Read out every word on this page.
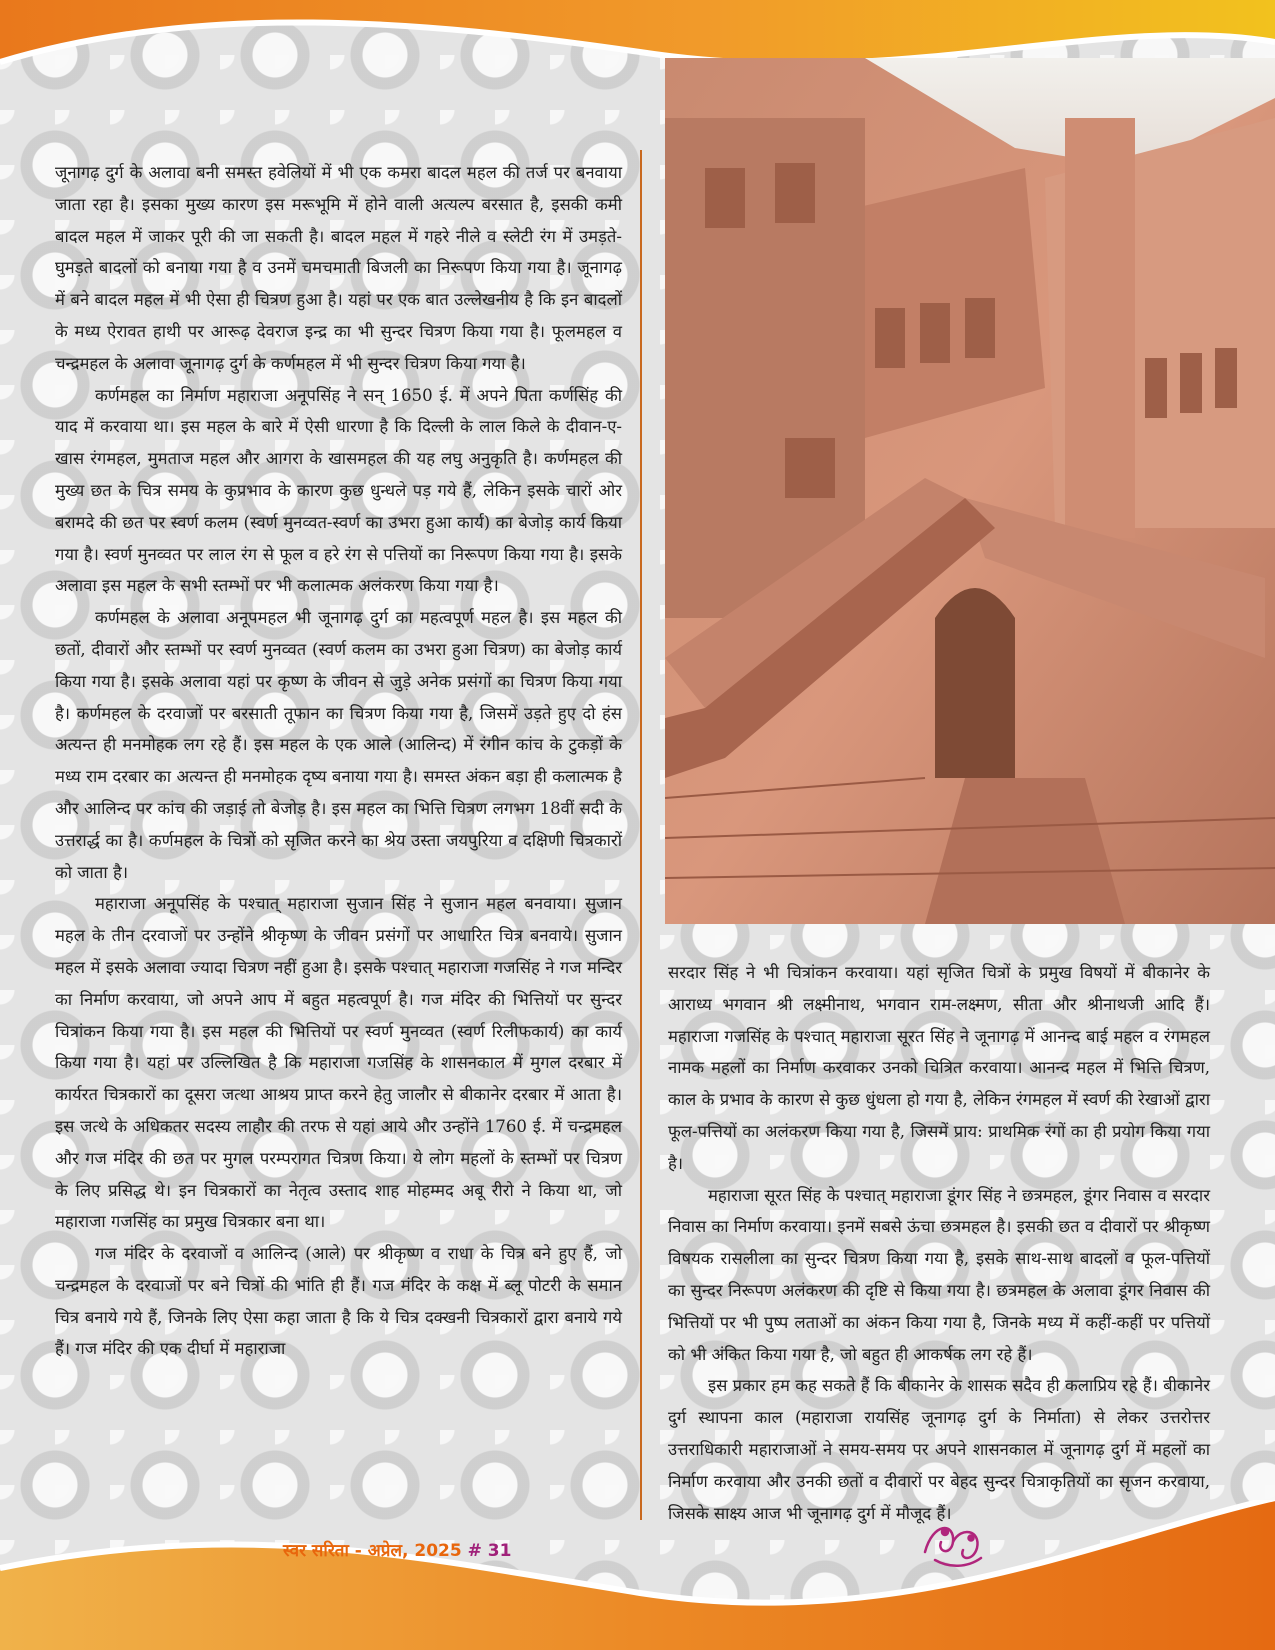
जूनागढ़ दुर्ग के अलावा बनी समस्त हवेलियों में भी एक कमरा बादल महल की तर्ज पर बनवाया जाता रहा है। इसका मुख्य कारण इस मरूभूमि में होने वाली अत्यल्प बरसात है, इसकी कमी बादल महल में जाकर पूरी की जा सकती है। बादल महल में गहरे नीले व स्लेटी रंग में उमड़ते-घुमड़ते बादलों को बनाया गया है व उनमें चमचमाती बिजली का निरूपण किया गया है। जूनागढ़ में बने बादल महल में भी ऐसा ही चित्रण हुआ है। यहां पर एक बात उल्लेखनीय है कि इन बादलों के मध्य ऐरावत हाथी पर आरूढ़ देवराज इन्द्र का भी सुन्दर चित्रण किया गया है। फूलमहल व चन्द्रमहल के अलावा जूनागढ़ दुर्ग के कर्णमहल में भी सुन्दर चित्रण किया गया है।

कर्णमहल का निर्माण महाराजा अनूपसिंह ने सन् 1650 ई. में अपने पिता कर्णसिंह की याद में करवाया था। इस महल के बारे में ऐसी धारणा है कि दिल्ली के लाल किले के दीवान-ए-खास रंगमहल, मुमताज महल और आगरा के खासमहल की यह लघु अनुकृति है। कर्णमहल की मुख्य छत के चित्र समय के कुप्रभाव के कारण कुछ धुन्धले पड़ गये हैं, लेकिन इसके चारों ओर बरामदे की छत पर स्वर्ण कलम (स्वर्ण मुनव्वत-स्वर्ण का उभरा हुआ कार्य) का बेजोड़ कार्य किया गया है। स्वर्ण मुनव्वत पर लाल रंग से फूल व हरे रंग से पत्तियों का निरूपण किया गया है। इसके अलावा इस महल के सभी स्तम्भों पर भी कलात्मक अलंकरण किया गया है।

कर्णमहल के अलावा अनूपमहल भी जूनागढ़ दुर्ग का महत्वपूर्ण महल है। इस महल की छतों, दीवारों और स्तम्भों पर स्वर्ण मुनव्वत (स्वर्ण कलम का उभरा हुआ चित्रण) का बेजोड़ कार्य किया गया है। इसके अलावा यहां पर कृष्ण के जीवन से जुड़े अनेक प्रसंगों का चित्रण किया गया है। कर्णमहल के दरवाजों पर बरसाती तूफान का चित्रण किया गया है, जिसमें उड़ते हुए दो हंस अत्यन्त ही मनमोहक लग रहे हैं। इस महल के एक आले (आलिन्द) में रंगीन कांच के टुकड़ों के मध्य राम दरबार का अत्यन्त ही मनमोहक दृष्य बनाया गया है। समस्त अंकन बड़ा ही कलात्मक है और आलिन्द पर कांच की जड़ाई तो बेजोड़ है। इस महल का भित्ति चित्रण लगभग 18वीं सदी के उत्तरार्द्ध का है। कर्णमहल के चित्रों को सृजित करने का श्रेय उस्ता जयपुरिया व दक्षिणी चित्रकारों को जाता है।

महाराजा अनूपसिंह के पश्चात् महाराजा सुजान सिंह ने सुजान महल बनवाया। सुजान महल के तीन दरवाजों पर उन्होंने श्रीकृष्ण के जीवन प्रसंगों पर आधारित चित्र बनवाये। सुजान महल में इसके अलावा ज्यादा चित्रण नहीं हुआ है। इसके पश्चात् महाराजा गजसिंह ने गज मन्दिर का निर्माण करवाया, जो अपने आप में बहुत महत्वपूर्ण है। गज मंदिर की भित्तियों पर सुन्दर चित्रांकन किया गया है। इस महल की भित्तियों पर स्वर्ण मुनव्वत (स्वर्ण रिलीफकार्य) का कार्य किया गया है। यहां पर उल्लिखित है कि महाराजा गजसिंह के शासनकाल में मुगल दरबार में कार्यरत चित्रकारों का दूसरा जत्था आश्रय प्राप्त करने हेतु जालौर से बीकानेर दरबार में आता है। इस जत्थे के अधिकतर सदस्य लाहौर की तरफ से यहां आये और उन्होंने 1760 ई. में चन्द्रमहल और गज मंदिर की छत पर मुगल परम्परागत चित्रण किया। ये लोग महलों के स्तम्भों पर चित्रण के लिए प्रसिद्ध थे। इन चित्रकारों का नेतृत्व उस्ताद शाह मोहम्मद अबू रीरो ने किया था, जो महाराजा गजसिंह का प्रमुख चित्रकार बना था।

गज मंदिर के दरवाजों व आलिन्द (आले) पर श्रीकृष्ण व राधा के चित्र बने हुए हैं, जो चन्द्रमहल के दरवाजों पर बने चित्रों की भांति ही हैं। गज मंदिर के कक्ष में ब्लू पोटरी के समान चित्र बनाये गये हैं, जिनके लिए ऐसा कहा जाता है कि ये चित्र दक्खनी चित्रकारों द्वारा बनाये गये हैं। गज मंदिर की एक दीर्घा में महाराजा

सरदार सिंह ने भी चित्रांकन करवाया। यहां सृजित चित्रों के प्रमुख विषयों में बीकानेर के आराध्य भगवान श्री लक्ष्मीनाथ, भगवान राम-लक्ष्मण, सीता और श्रीनाथजी आदि हैं। महाराजा गजसिंह के पश्चात् महाराजा सूरत सिंह ने जूनागढ़ में आनन्द बाई महल व रंगमहल नामक महलों का निर्माण करवाकर उनको चित्रित करवाया। आनन्द महल में भित्ति चित्रण, काल के प्रभाव के कारण से कुछ धुंधला हो गया है, लेकिन रंगमहल में स्वर्ण की रेखाओं द्वारा फूल-पत्तियों का अलंकरण किया गया है, जिसमें प्राय: प्राथमिक रंगों का ही प्रयोग किया गया है।

महाराजा सूरत सिंह के पश्चात् महाराजा डूंगर सिंह ने छत्रमहल, डूंगर निवास व सरदार निवास का निर्माण करवाया। इनमें सबसे ऊंचा छत्रमहल है। इसकी छत व दीवारों पर श्रीकृष्ण विषयक रासलीला का सुन्दर चित्रण किया गया है, इसके साथ-साथ बादलों व फूल-पत्तियों का सुन्दर निरूपण अलंकरण की दृष्टि से किया गया है। छत्रमहल के अलावा डूंगर निवास की भित्तियों पर भी पुष्प लताओं का अंकन किया गया है, जिनके मध्य में कहीं-कहीं पर पत्तियों को भी अंकित किया गया है, जो बहुत ही आकर्षक लग रहे हैं।

इस प्रकार हम कह सकते हैं कि बीकानेर के शासक सदैव ही कलाप्रिय रहे हैं। बीकानेर दुर्ग स्थापना काल (महाराजा रायसिंह जूनागढ़ दुर्ग के निर्माता) से लेकर उत्तरोत्तर उत्तराधिकारी महाराजाओं ने समय-समय पर अपने शासनकाल में जूनागढ़ दुर्ग में महलों का निर्माण करवाया और उनकी छतों व दीवारों पर बेहद सुन्दर चित्राकृतियों का सृजन करवाया, जिसके साक्ष्य आज भी जूनागढ़ दुर्ग में मौजूद हैं।

स्वर सरिता - अप्रेल, 2025 # 31
